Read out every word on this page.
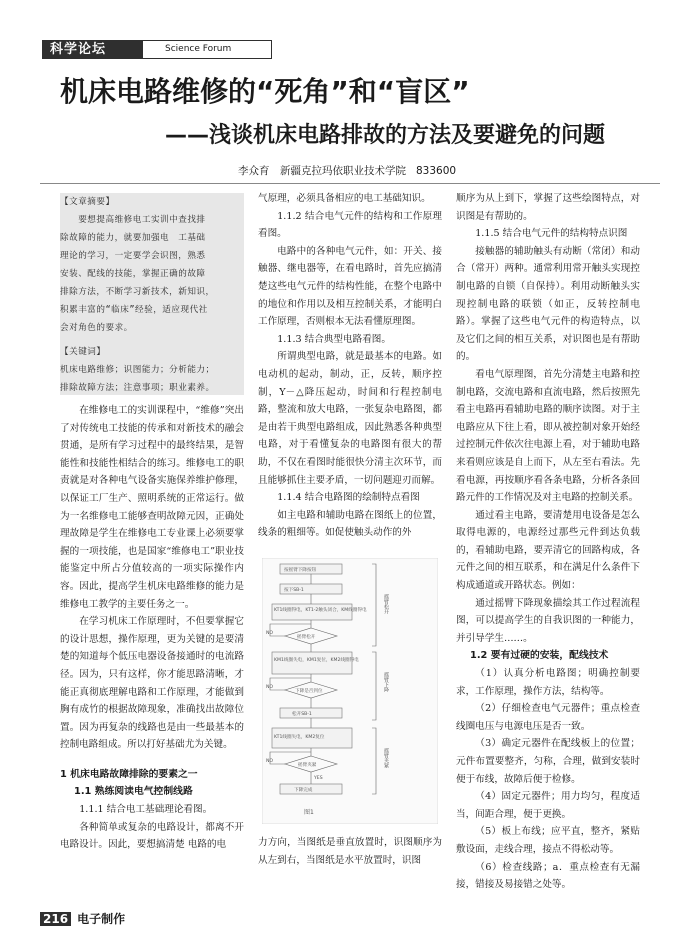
科学论坛	Science Forum
机床电路维修的“死角”和“盲区”
——浅谈机床电路排故的方法及要避免的问题
李众育　新疆克拉玛依职业技术学院 833600

【文章摘要】

　　要想提高维修电工实训中查找排

除故障的能力，就要加强电　工基础

理论的学习，一定要学会识图，熟悉

安装、配线的技能，掌握正确的故障

排除方法，不断学习新技术，新知识，

积累丰富的“临床”经验，适应现代社

会对角色的要求。

【关键词】

机床电路维修；识图能力；分析能力；

排除故障方法；注意事项；职业素养。

在维修电工的实训课程中，“维修”突出了对传统电工技能的传承和对新技术的融会贯通，是所有学习过程中的最终结果，是智能性和技能性相结合的练习。维修电工的职责就是对各种电气设备实施保养维护修理，以保证工厂生产、照明系统的正常运行。做为一名维修电工能够查明故障元因，正确处理故障是学生在维修电工专业课上必须要掌握的一项技能，也是国家“维修电工”职业技能鉴定中所占分值较高的一项实际操作内容。因此，提高学生机床电路维修的能力是维修电工教学的主要任务之一。

在学习机床工作原理时，不但要掌握它的设计思想，操作原理，更为关键的是要清楚的知道每个低压电器设备接通时的电流路径。因为，只有这样，你才能思路清晰，才能正真彻底理解电路和工作原理，才能做到胸有成竹的根据故障现象，准确找出故障位置。因为再复杂的线路也是由一些最基本的控制电路组成。所以打好基础尤为关键。

1 机床电路故障排除的要素之一

1.1 熟练阅读电气控制线路

1.1.1 结合电工基础理论看图。

各种简单或复杂的电路设计，都离不开电路设计。因此，要想搞清楚 电路的电

气原理，必须具备相应的电工基础知识。

1.1.2 结合电气元件的结构和工作原理看图。

电路中的各种电气元件，如：开关、接触器、继电器等，在看电路时，首先应搞清楚这些电气元件的结构性能，在整个电路中的地位和作用以及相互控制关系，才能明白工作原理，否则根本无法看懂原理图。

1.1.3 结合典型电路看图。

所谓典型电路，就是最基本的电路。如电动机的起动，制动，正，反转，顺序控制，Y－△降压起动，时间和行程控制电路，整流和放大电路，一张复杂电路图，都是由若干典型电路组成，因此熟悉各种典型电路，对于看懂复杂的电路图有很大的帮助，不仅在看图时能很快分清主次环节，而且能够抓住主要矛盾，一切问题迎刃而解。

1.1.4 结合电路图的绘制特点看图

如主电路和辅助电路在图纸上的位置，线条的粗细等。如促使触头动作的外

按摇臂下降按钮
按下SB-1
KT1线圈得电，KT1-2触头闭合，KM线圈得电
摇臂松开
NO
KM1线圈失电，KM1复位，KM2线圈得电
下降是否到位
NO
松开SB-1
KT1线圈失电，KM2复位
摇臂夹紧
NO
YES
下降完成
摇臂松开
摇臂下降
摇臂夹紧
图1

力方向，当图纸是垂直放置时，识图顺序为从左到右，当图纸是水平放置时，识图

顺序为从上到下，掌握了这些绘图特点，对识图是有帮助的。

1.1.5 结合电气元件的结构特点识图

接触器的辅助触头有动断（常闭）和动合（常开）两种。通常利用常开触头实现控制电路的自锁（自保持）。利用动断触头实现控制电路的联锁（如正，反转控制电路）。掌握了这些电气元件的构造特点，以及它们之间的相互关系，对识图也是有帮助的。

看电气原理图，首先分清楚主电路和控制电路，交流电路和直流电路，然后按照先看主电路再看辅助电路的顺序读图。对于主电路应从下往上看，即从被控制对象开始经过控制元件依次往电源上看，对于辅助电路来看则应该是自上而下，从左至右看法。先看电源，再按顺序看各条电路，分析各条回路元件的工作情况及对主电路的控制关系。

通过看主电路，要清楚用电设备是怎么取得电源的，电源经过那些元件到达负载的，看辅助电路，要弄清它的回路构成，各元件之间的相互联系，和在满足什么条件下构成通道或开路状态。例如：

通过摇臂下降现象描绘其工作过程流程图，可以提高学生的自我识图的一种能力，并引导学生……。

1.2 要有过硬的安装，配线技术

（1）认真分析电路图；明确控制要求，工作原理，操作方法，结构等。

（2）仔细检查电气元器件；重点检查线圈电压与电源电压是否一致。

（3）确定元器件在配线板上的位置；元件布置要整齐，匀称，合理，做到安装时便于布线，故障后便于检修。

（4）固定元器件；用力均匀，程度适当，间距合理，便于更换。

（5）板上布线；应平直，整齐，紧贴敷设面，走线合理，接点不得松动等。

（6）检查线路；a．重点检查有无漏接，错接及易接错之处等。

216 电子制作
